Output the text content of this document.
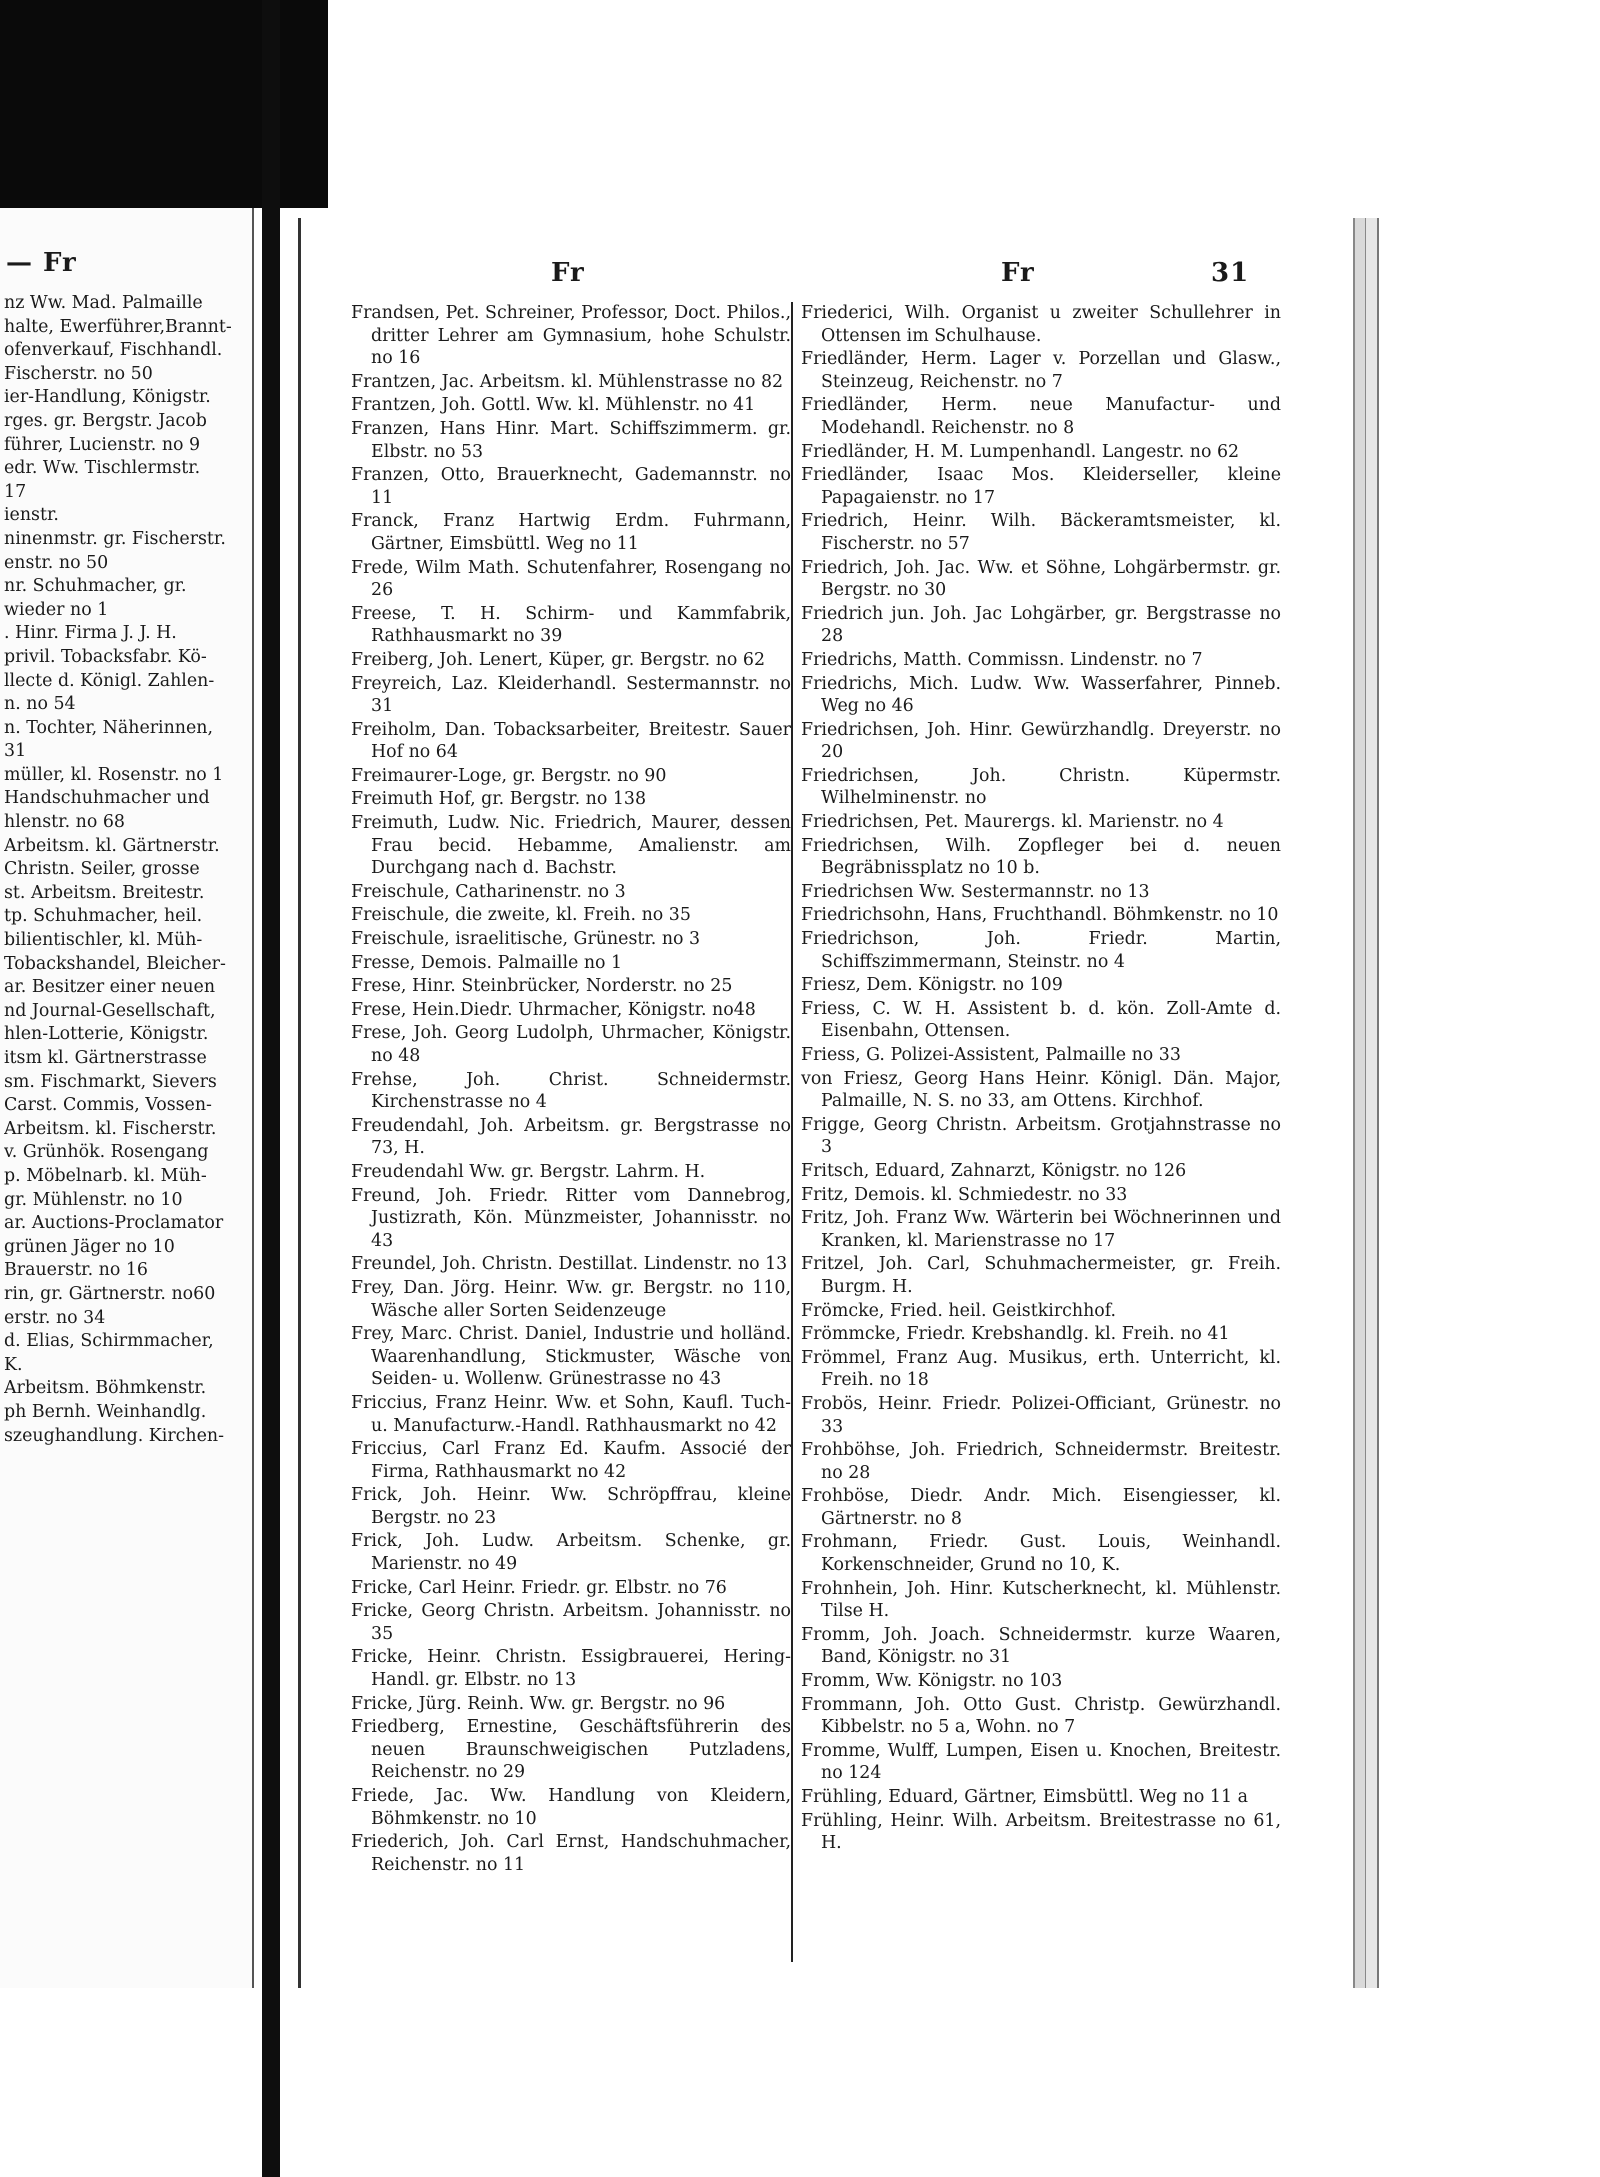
— Fr

nz Ww. Mad. Palmaille

halte, Ewerführer,Brannt-

ofenverkauf, Fischhandl.

Fischerstr. no 50

ier-Handlung, Königstr.

rges. gr. Bergstr. Jacob

führer, Lucienstr. no 9

edr. Ww. Tischlermstr.

17

ienstr.

ninenmstr. gr. Fischerstr.

enstr. no 50

nr. Schuhmacher, gr.

wieder no 1

. Hinr. Firma J. J. H.

privil. Tobacksfabr. Kö-

llecte d. Königl. Zahlen-

n. no 54

n. Tochter, Näherinnen,

31

müller, kl. Rosenstr. no 1

Handschuhmacher und

hlenstr. no 68

Arbeitsm. kl. Gärtnerstr.

Christn. Seiler, grosse

st. Arbeitsm. Breitestr.

tp. Schuhmacher, heil.

bilientischler, kl. Müh-

Tobackshandel, Bleicher-

ar. Besitzer einer neuen

nd Journal-Gesellschaft,

hlen-Lotterie, Königstr.

itsm kl. Gärtnerstrasse

sm. Fischmarkt, Sievers

Carst. Commis, Vossen-

Arbeitsm. kl. Fischerstr.

v. Grünhök. Rosengang

p. Möbelnarb. kl. Müh-

gr. Mühlenstr. no 10

ar. Auctions-Proclamator

grünen Jäger no 10

Brauerstr. no 16

rin, gr. Gärtnerstr. no60

erstr. no 34

d. Elias, Schirmmacher,

K.

Arbeitsm. Böhmkenstr.

ph Bernh. Weinhandlg.

szeughandlung. Kirchen-

Fr	Fr	31

Frandsen, Pet. Schreiner, Professor, Doct. Philos., dritter Lehrer am Gymnasium, hohe Schulstr. no 16

Frantzen, Jac. Arbeitsm. kl. Mühlenstrasse no 82

Frantzen, Joh. Gottl. Ww. kl. Mühlenstr. no 41

Franzen, Hans Hinr. Mart. Schiffszimmerm. gr. Elbstr. no 53

Franzen, Otto, Brauerknecht, Gademannstr. no 11

Franck, Franz Hartwig Erdm. Fuhrmann, Gärtner, Eimsbüttl. Weg no 11

Frede, Wilm Math. Schutenfahrer, Rosengang no 26

Freese, T. H. Schirm- und Kammfabrik, Rathhausmarkt no 39

Freiberg, Joh. Lenert, Küper, gr. Bergstr. no 62

Freyreich, Laz. Kleiderhandl. Sestermannstr. no 31

Freiholm, Dan. Tobacksarbeiter, Breitestr. Sauer Hof no 64

Freimaurer-Loge, gr. Bergstr. no 90

Freimuth Hof, gr. Bergstr. no 138

Freimuth, Ludw. Nic. Friedrich, Maurer, dessen Frau becid. Hebamme, Amalienstr. am Durchgang nach d. Bachstr.

Freischule, Catharinenstr. no 3

Freischule, die zweite, kl. Freih. no 35

Freischule, israelitische, Grünestr. no 3

Fresse, Demois. Palmaille no 1

Frese, Hinr. Steinbrücker, Norderstr. no 25

Frese, Hein.Diedr. Uhrmacher, Königstr. no48

Frese, Joh. Georg Ludolph, Uhrmacher, Königstr. no 48

Frehse, Joh. Christ. Schneidermstr. Kirchenstrasse no 4

Freudendahl, Joh. Arbeitsm. gr. Bergstrasse no 73, H.

Freudendahl Ww. gr. Bergstr. Lahrm. H.

Freund, Joh. Friedr. Ritter vom Dannebrog, Justizrath, Kön. Münzmeister, Johannisstr. no 43

Freundel, Joh. Christn. Destillat. Lindenstr. no 13

Frey, Dan. Jörg. Heinr. Ww. gr. Bergstr. no 110, Wäsche aller Sorten Seidenzeuge

Frey, Marc. Christ. Daniel, Industrie und holländ. Waarenhandlung, Stickmuster, Wäsche von Seiden- u. Wollenw. Grünestrasse no 43

Friccius, Franz Heinr. Ww. et Sohn, Kaufl. Tuch- u. Manufacturw.-Handl. Rathhausmarkt no 42

Friccius, Carl Franz Ed. Kaufm. Associé der Firma, Rathhausmarkt no 42

Frick, Joh. Heinr. Ww. Schröpffrau, kleine Bergstr. no 23

Frick, Joh. Ludw. Arbeitsm. Schenke, gr. Marienstr. no 49

Fricke, Carl Heinr. Friedr. gr. Elbstr. no 76

Fricke, Georg Christn. Arbeitsm. Johannisstr. no 35

Fricke, Heinr. Christn. Essigbrauerei, Hering-Handl. gr. Elbstr. no 13

Fricke, Jürg. Reinh. Ww. gr. Bergstr. no 96

Friedberg, Ernestine, Geschäftsführerin des neuen Braunschweigischen Putzladens, Reichenstr. no 29

Friede, Jac. Ww. Handlung von Kleidern, Böhmkenstr. no 10

Friederich, Joh. Carl Ernst, Handschuhmacher, Reichenstr. no 11

Friederici, Wilh. Organist u zweiter Schullehrer in Ottensen im Schulhause.

Friedländer, Herm. Lager v. Porzellan und Glasw., Steinzeug, Reichenstr. no 7

Friedländer, Herm. neue Manufactur- und Modehandl. Reichenstr. no 8

Friedländer, H. M. Lumpenhandl. Langestr. no 62

Friedländer, Isaac Mos. Kleiderseller, kleine Papagaienstr. no 17

Friedrich, Heinr. Wilh. Bäckeramtsmeister, kl. Fischerstr. no 57

Friedrich, Joh. Jac. Ww. et Söhne, Lohgärbermstr. gr. Bergstr. no 30

Friedrich jun. Joh. Jac Lohgärber, gr. Bergstrasse no 28

Friedrichs, Matth. Commissn. Lindenstr. no 7

Friedrichs, Mich. Ludw. Ww. Wasserfahrer, Pinneb. Weg no 46

Friedrichsen, Joh. Hinr. Gewürzhandlg. Dreyerstr. no 20

Friedrichsen, Joh. Christn. Küpermstr. Wilhelminenstr. no

Friedrichsen, Pet. Maurergs. kl. Marienstr. no 4

Friedrichsen, Wilh. Zopfleger bei d. neuen Begräbnissplatz no 10 b.

Friedrichsen Ww. Sestermannstr. no 13

Friedrichsohn, Hans, Fruchthandl. Böhmkenstr. no 10

Friedrichson, Joh. Friedr. Martin, Schiffszimmermann, Steinstr. no 4

Friesz, Dem. Königstr. no 109

Friess, C. W. H. Assistent b. d. kön. Zoll-Amte d. Eisenbahn, Ottensen.

Friess, G. Polizei-Assistent, Palmaille no 33

von Friesz, Georg Hans Heinr. Königl. Dän. Major, Palmaille, N. S. no 33, am Ottens. Kirchhof.

Frigge, Georg Christn. Arbeitsm. Grotjahnstrasse no 3

Fritsch, Eduard, Zahnarzt, Königstr. no 126

Fritz, Demois. kl. Schmiedestr. no 33

Fritz, Joh. Franz Ww. Wärterin bei Wöchnerinnen und Kranken, kl. Marienstrasse no 17

Fritzel, Joh. Carl, Schuhmachermeister, gr. Freih. Burgm. H.

Frömcke, Fried. heil. Geistkirchhof.

Frömmcke, Friedr. Krebshandlg. kl. Freih. no 41

Frömmel, Franz Aug. Musikus, erth. Unterricht, kl. Freih. no 18

Frobös, Heinr. Friedr. Polizei-Officiant, Grünestr. no 33

Frohböhse, Joh. Friedrich, Schneidermstr. Breitestr. no 28

Frohböse, Diedr. Andr. Mich. Eisengiesser, kl. Gärtnerstr. no 8

Frohmann, Friedr. Gust. Louis, Weinhandl. Korkenschneider, Grund no 10, K.

Frohnhein, Joh. Hinr. Kutscherknecht, kl. Mühlenstr. Tilse H.

Fromm, Joh. Joach. Schneidermstr. kurze Waaren, Band, Königstr. no 31

Fromm, Ww. Königstr. no 103

Frommann, Joh. Otto Gust. Christp. Gewürzhandl. Kibbelstr. no 5 a, Wohn. no 7

Fromme, Wulff, Lumpen, Eisen u. Knochen, Breitestr. no 124

Frühling, Eduard, Gärtner, Eimsbüttl. Weg no 11 a

Frühling, Heinr. Wilh. Arbeitsm. Breitestrasse no 61, H.
